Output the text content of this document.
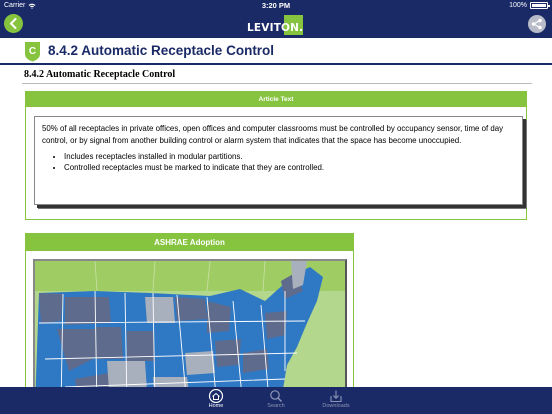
Carrier	3:20 PM	100%
LEVITON.
C 8.4.2 Automatic Receptacle Control
8.4.2 Automatic Receptacle Control
Article Text

50% of all receptacles in private offices, open offices and computer classrooms must be controlled by occupancy sensor, time of day control, or by signal from another building control or alarm system that indicates that the space has become unoccupied.

• Includes receptacles installed in modular partitions.
• Controlled receptacles must be marked to indicate that they are controlled.
ASHRAE Adoption
Home	Search	Downloads
